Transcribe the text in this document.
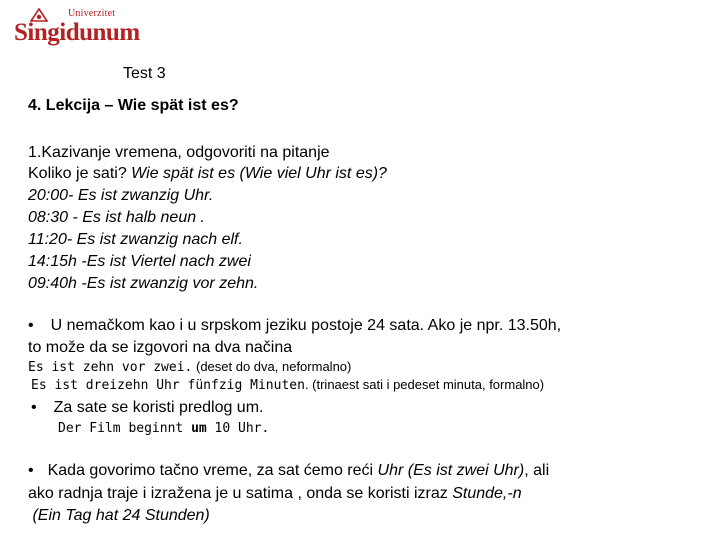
Univerzitet
Singidunum
Test 3
4. Lekcija – Wie spät ist es?
1.Kazivanje vremena, odgovoriti na pitanje
Koliko je sati? Wie spät ist es (Wie viel Uhr ist es)?
20:00- Es ist zwanzig Uhr.
08:30 - Es ist halb neun .
11:20- Es ist zwanzig nach elf.
14:15h -Es ist Viertel nach zwei
09:40h -Es ist zwanzig vor zehn.
• U nemačkom kao i u srpskom jeziku postoje 24 sata. Ako je npr. 13.50h,
to može da se izgovori na dva načina
Es ist zehn vor zwei. (deset do dva, neformalno)
Es ist dreizehn Uhr fünfzig Minuten. (trinaest sati i pedeset minuta, formalno)
• Za sate se koristi predlog um.
Der Film beginnt um 10 Uhr.
• Kada govorimo tačno vreme, za sat ćemo reći Uhr (Es ist zwei Uhr), ali
ako radnja traje i izražena je u satima , onda se koristi izraz Stunde,-n
(Ein Tag hat 24 Stunden)
